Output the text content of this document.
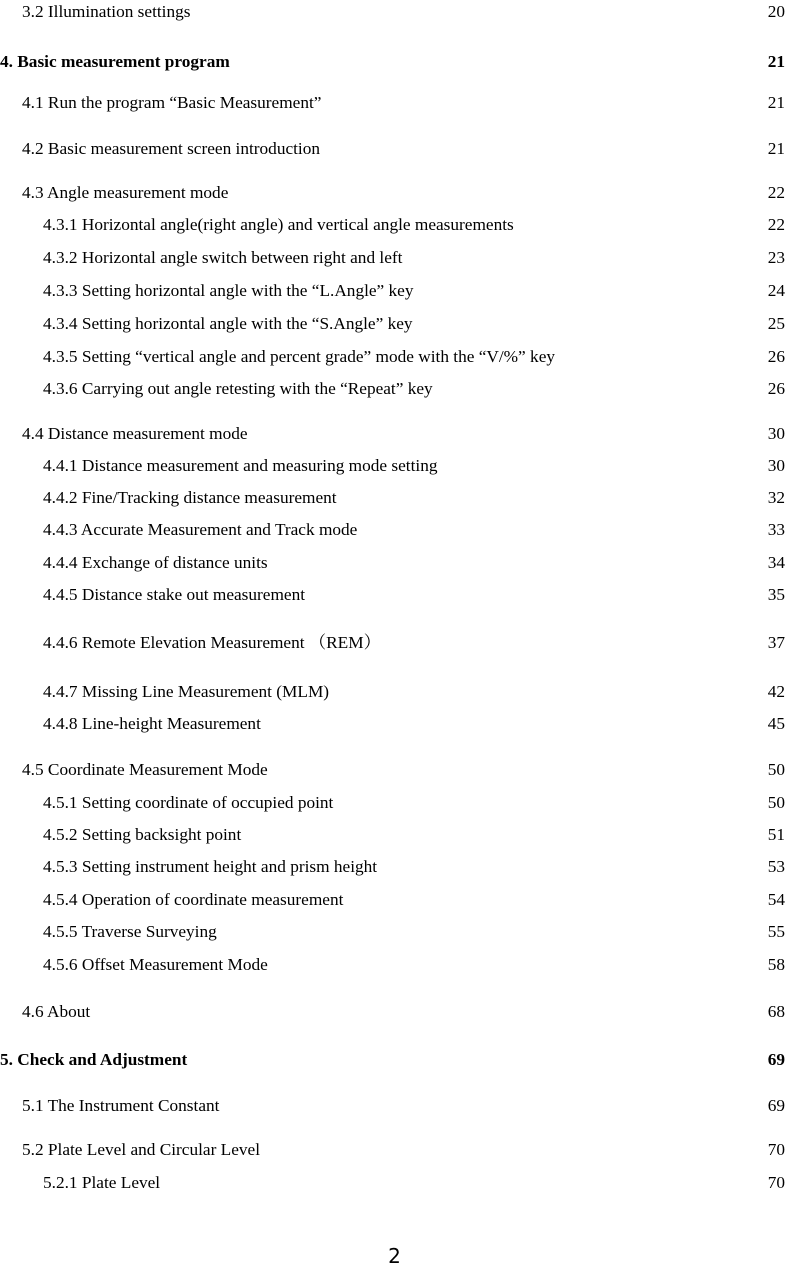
3.2 Illumination settings	20
4. Basic measurement program	21
4.1 Run the program “Basic Measurement”	21
4.2 Basic measurement screen introduction	21
4.3 Angle measurement mode	22
4.3.1 Horizontal angle(right angle) and vertical angle measurements	22
4.3.2 Horizontal angle switch between right and left	23
4.3.3 Setting horizontal angle with the “L.Angle” key	24
4.3.4 Setting horizontal angle with the “S.Angle” key	25
4.3.5 Setting “vertical angle and percent grade” mode with the “V/%” key	26
4.3.6 Carrying out angle retesting with the “Repeat” key	26
4.4 Distance measurement mode	30
4.4.1 Distance measurement and measuring mode setting	30
4.4.2 Fine/Tracking distance measurement	32
4.4.3 Accurate Measurement and Track mode	33
4.4.4 Exchange of distance units	34
4.4.5 Distance stake out measurement	35
4.4.6 Remote Elevation Measurement （REM）	37
4.4.7 Missing Line Measurement (MLM)	42
4.4.8 Line-height Measurement	45
4.5 Coordinate Measurement Mode	50
4.5.1 Setting coordinate of occupied point	50
4.5.2 Setting backsight point	51
4.5.3 Setting instrument height and prism height	53
4.5.4 Operation of coordinate measurement	54
4.5.5 Traverse Surveying	55
4.5.6 Offset Measurement Mode	58
4.6 About	68
5. Check and Adjustment	69
5.1 The Instrument Constant	69
5.2 Plate Level and Circular Level	70
5.2.1 Plate Level	70
2
